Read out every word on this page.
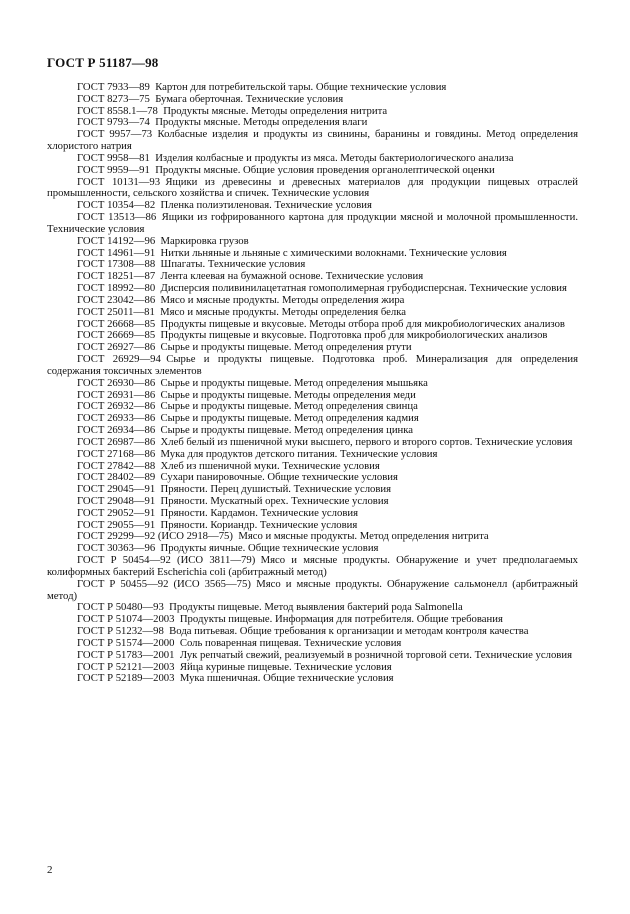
ГОСТ Р 51187—98

ГОСТ 7933—89  Картон для потребительской тары. Общие технические условия

ГОСТ 8273—75  Бумага оберточная. Технические условия

ГОСТ 8558.1—78  Продукты мясные. Методы определения нитрита

ГОСТ 9793—74  Продукты мясные. Методы определения влаги

ГОСТ 9957—73  Колбасные изделия и продукты из свинины, баранины и говядины. Метод определения хлористого натрия

ГОСТ 9958—81  Изделия колбасные и продукты из мяса. Методы бактериологического анализа

ГОСТ 9959—91  Продукты мясные. Общие условия проведения органолептической оценки

ГОСТ 10131—93  Ящики из древесины и древесных материалов для продукции пищевых отраслей промышленности, сельского хозяйства и спичек. Технические условия

ГОСТ 10354—82  Пленка полиэтиленовая. Технические условия

ГОСТ 13513—86  Ящики из гофрированного картона для продукции мясной и молочной промышленности. Технические условия

ГОСТ 14192—96  Маркировка грузов

ГОСТ 14961—91  Нитки льняные и льняные с химическими волокнами. Технические условия

ГОСТ 17308—88  Шпагаты. Технические условия

ГОСТ 18251—87  Лента клеевая на бумажной основе. Технические условия

ГОСТ 18992—80  Дисперсия поливинилацетатная гомополимерная грубодисперсная. Технические условия

ГОСТ 23042—86  Мясо и мясные продукты. Методы определения жира

ГОСТ 25011—81  Мясо и мясные продукты. Методы определения белка

ГОСТ 26668—85  Продукты пищевые и вкусовые. Методы отбора проб для микробиологических анализов

ГОСТ 26669—85  Продукты пищевые и вкусовые. Подготовка проб для микробиологических анализов

ГОСТ 26927—86  Сырье и продукты пищевые. Метод определения ртути

ГОСТ 26929—94  Сырье и продукты пищевые. Подготовка проб. Минерализация для определения содержания токсичных элементов

ГОСТ 26930—86  Сырье и продукты пищевые. Метод определения мышьяка

ГОСТ 26931—86  Сырье и продукты пищевые. Методы определения меди

ГОСТ 26932—86  Сырье и продукты пищевые. Метод определения свинца

ГОСТ 26933—86  Сырье и продукты пищевые. Метод определения кадмия

ГОСТ 26934—86  Сырье и продукты пищевые. Метод определения цинка

ГОСТ 26987—86  Хлеб белый из пшеничной муки высшего, первого и второго сортов. Технические условия

ГОСТ 27168—86  Мука для продуктов детского питания. Технические условия

ГОСТ 27842—88  Хлеб из пшеничной муки. Технические условия

ГОСТ 28402—89  Сухари панировочные. Общие технические условия

ГОСТ 29045—91  Пряности. Перец душистый. Технические условия

ГОСТ 29048—91  Пряности. Мускатный орех. Технические условия

ГОСТ 29052—91  Пряности. Кардамон. Технические условия

ГОСТ 29055—91  Пряности. Кориандр. Технические условия

ГОСТ 29299—92 (ИСО 2918—75)  Мясо и мясные продукты. Метод определения нитрита

ГОСТ 30363—96  Продукты яичные. Общие технические условия

ГОСТ Р 50454—92 (ИСО 3811—79)  Мясо и мясные продукты. Обнаружение и учет предполагаемых колиформных бактерий Escherichia coli (арбитражный метод)

ГОСТ Р 50455—92 (ИСО 3565—75)  Мясо и мясные продукты. Обнаружение сальмонелл (арбитражный метод)

ГОСТ Р 50480—93  Продукты пищевые. Метод выявления бактерий рода Salmonella

ГОСТ Р 51074—2003  Продукты пищевые. Информация для потребителя. Общие требования

ГОСТ Р 51232—98  Вода питьевая. Общие требования к организации и методам контроля качества

ГОСТ Р 51574—2000  Соль поваренная пищевая. Технические условия

ГОСТ Р 51783—2001  Лук репчатый свежий, реализуемый в розничной торговой сети. Технические условия

ГОСТ Р 52121—2003  Яйца куриные пищевые. Технические условия

ГОСТ Р 52189—2003  Мука пшеничная. Общие технические условия

2
